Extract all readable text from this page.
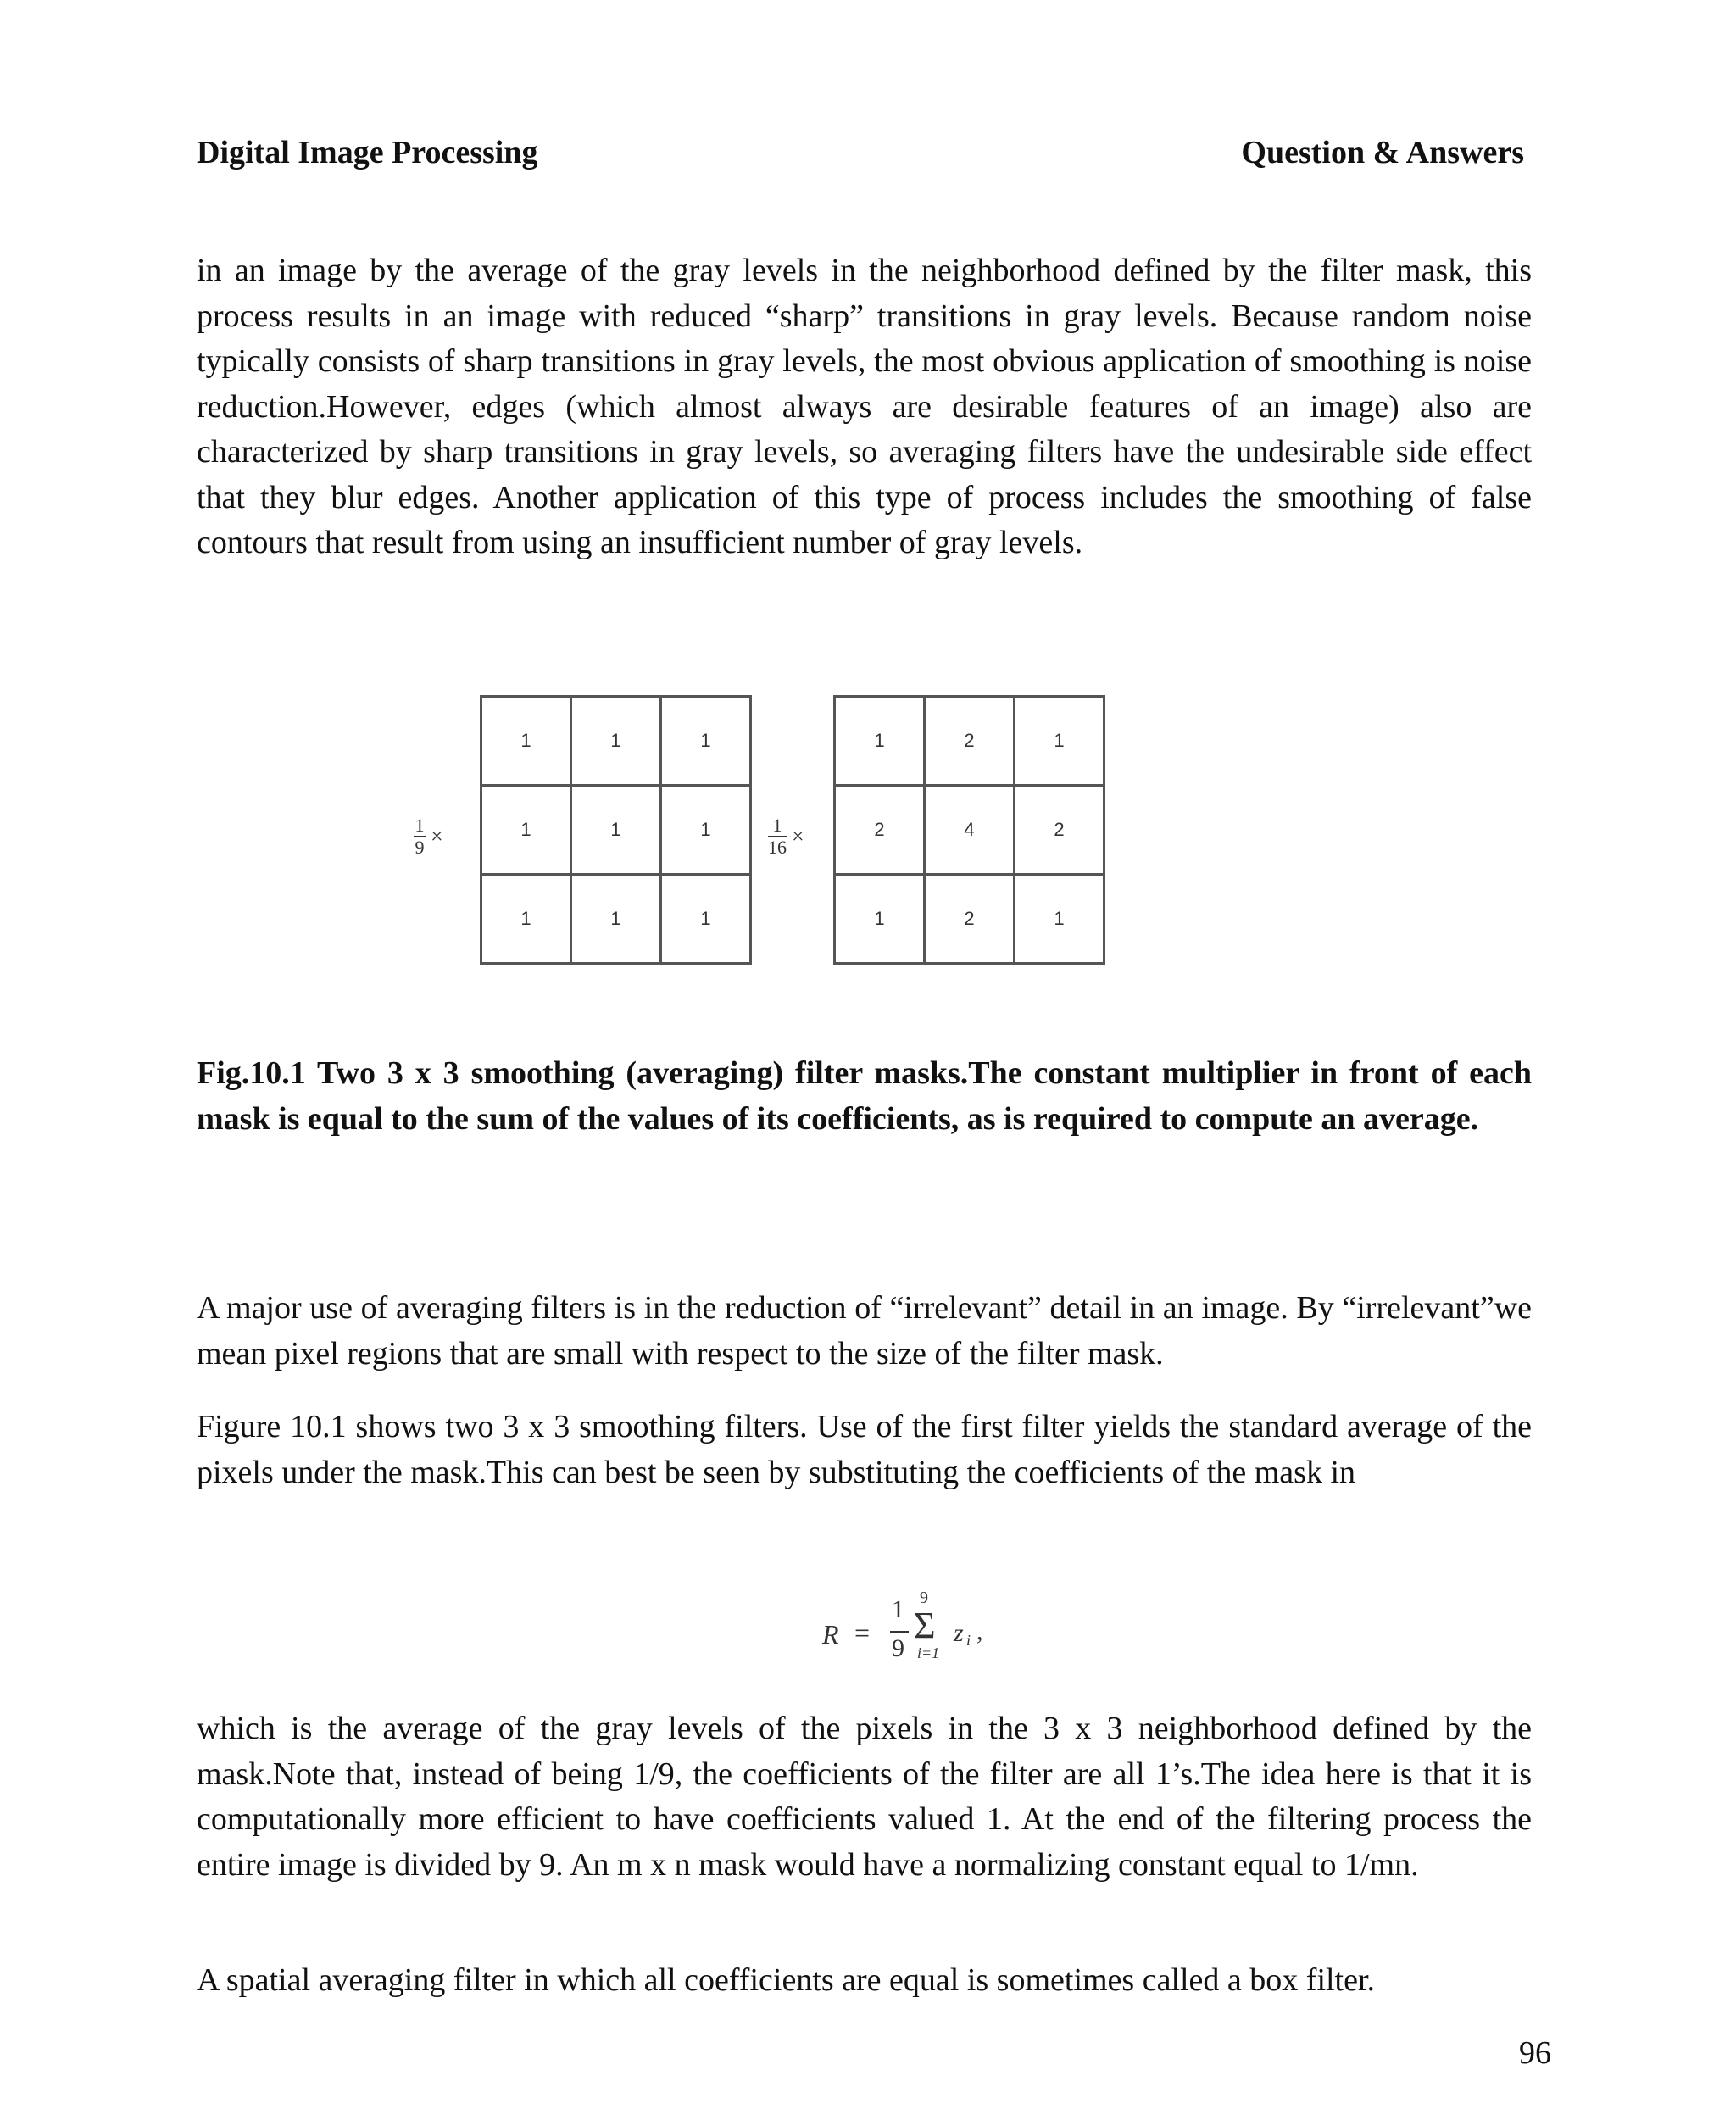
Digital Image Processing	Question & Answers

in an image by the average of the gray levels in the neighborhood defined by the filter mask, this process results in an image with reduced “sharp” transitions in gray levels. Because random noise typically consists of sharp transitions in gray levels, the most obvious application of smoothing is noise reduction.However, edges (which almost always are desirable features of an image) also are characterized by sharp transitions in gray levels, so averaging filters have the undesirable side effect that they blur edges. Another application of this type of process includes the smoothing of false contours that result from using an insufficient number of gray levels.

$\frac{1}{9}$ ×
1	1	1
1	1	1
1	1	1
$\frac{1}{16}$ ×
1	2	1
2	4	2
1	2	1

Fig.10.1 Two 3 x 3 smoothing (averaging) filter masks.The constant multiplier in front of each mask is equal to the sum of the values of its coefficients, as is required to compute an average.

A major use of averaging filters is in the reduction of “irrelevant” detail in an image. By “irrelevant”we mean pixel regions that are small with respect to the size of the filter mask.

Figure 10.1 shows two 3 x 3 smoothing filters. Use of the first filter yields the standard average of the pixels under the mask.This can best be seen by substituting the coefficients of the mask in

R =
1
9
9
Σ
i=1
z i ,

which is the average of the gray levels of the pixels in the 3 x 3 neighborhood defined by the mask.Note that, instead of being 1/9, the coefficients of the filter are all 1’s.The idea here is that it is computationally more efficient to have coefficients valued 1. At the end of the filtering process the entire image is divided by 9. An m x n mask would have a normalizing constant equal to 1/mn.

A spatial averaging filter in which all coefficients are equal is sometimes called a box filter.

96
